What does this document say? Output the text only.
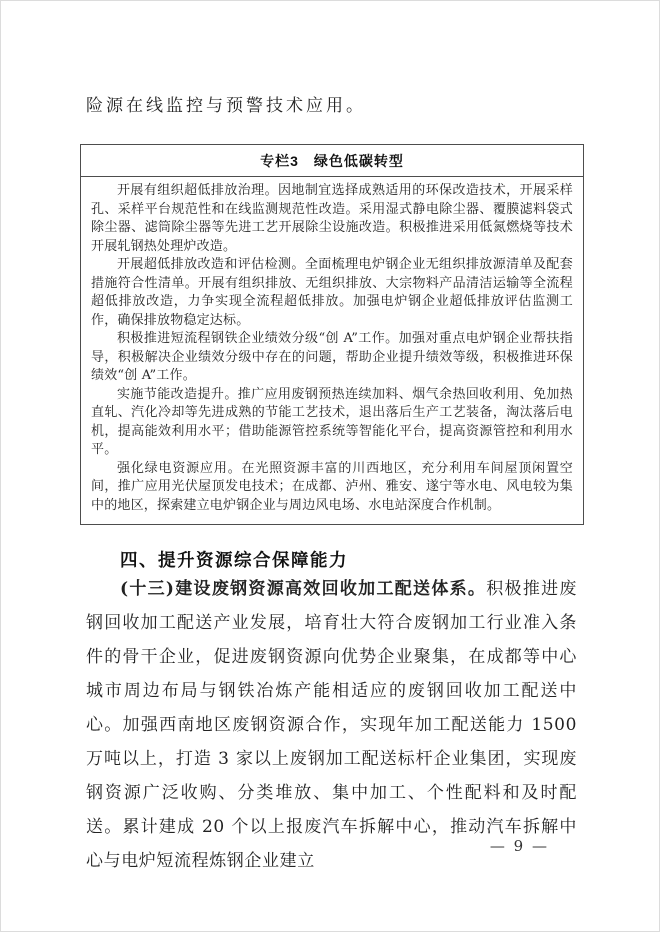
险源在线监控与预警技术应用。

专栏3　绿色低碳转型

开展有组织超低排放治理。因地制宜选择成熟适用的环保改造技术，开展采样孔、采样平台规范性和在线监测规范性改造。采用湿式静电除尘器、覆膜滤料袋式除尘器、滤筒除尘器等先进工艺开展除尘设施改造。积极推进采用低氮燃烧等技术开展轧钢热处理炉改造。

开展超低排放改造和评估检测。全面梳理电炉钢企业无组织排放源清单及配套措施符合性清单。开展有组织排放、无组织排放、大宗物料产品清洁运输等全流程超低排放改造，力争实现全流程超低排放。加强电炉钢企业超低排放评估监测工作，确保排放物稳定达标。

积极推进短流程钢铁企业绩效分级“创 A”工作。加强对重点电炉钢企业帮扶指导，积极解决企业绩效分级中存在的问题，帮助企业提升绩效等级，积极推进环保绩效“创 A”工作。

实施节能改造提升。推广应用废钢预热连续加料、烟气余热回收利用、免加热直轧、汽化冷却等先进成熟的节能工艺技术，退出落后生产工艺装备，淘汰落后电机，提高能效利用水平；借助能源管控系统等智能化平台，提高资源管控和利用水平。

强化绿电资源应用。在光照资源丰富的川西地区，充分利用车间屋顶闲置空间，推广应用光伏屋顶发电技术；在成都、泸州、雅安、遂宁等水电、风电较为集中的地区，探索建立电炉钢企业与周边风电场、水电站深度合作机制。

四、提升资源综合保障能力

(十三)建设废钢资源高效回收加工配送体系。积极推进废钢回收加工配送产业发展，培育壮大符合废钢加工行业准入条件的骨干企业，促进废钢资源向优势企业聚集，在成都等中心城市周边布局与钢铁冶炼产能相适应的废钢回收加工配送中心。加强西南地区废钢资源合作，实现年加工配送能力 1500 万吨以上，打造 3 家以上废钢加工配送标杆企业集团，实现废钢资源广泛收购、分类堆放、集中加工、个性配料和及时配送。累计建成 20 个以上报废汽车拆解中心，推动汽车拆解中心与电炉短流程炼钢企业建立

— 9 —
